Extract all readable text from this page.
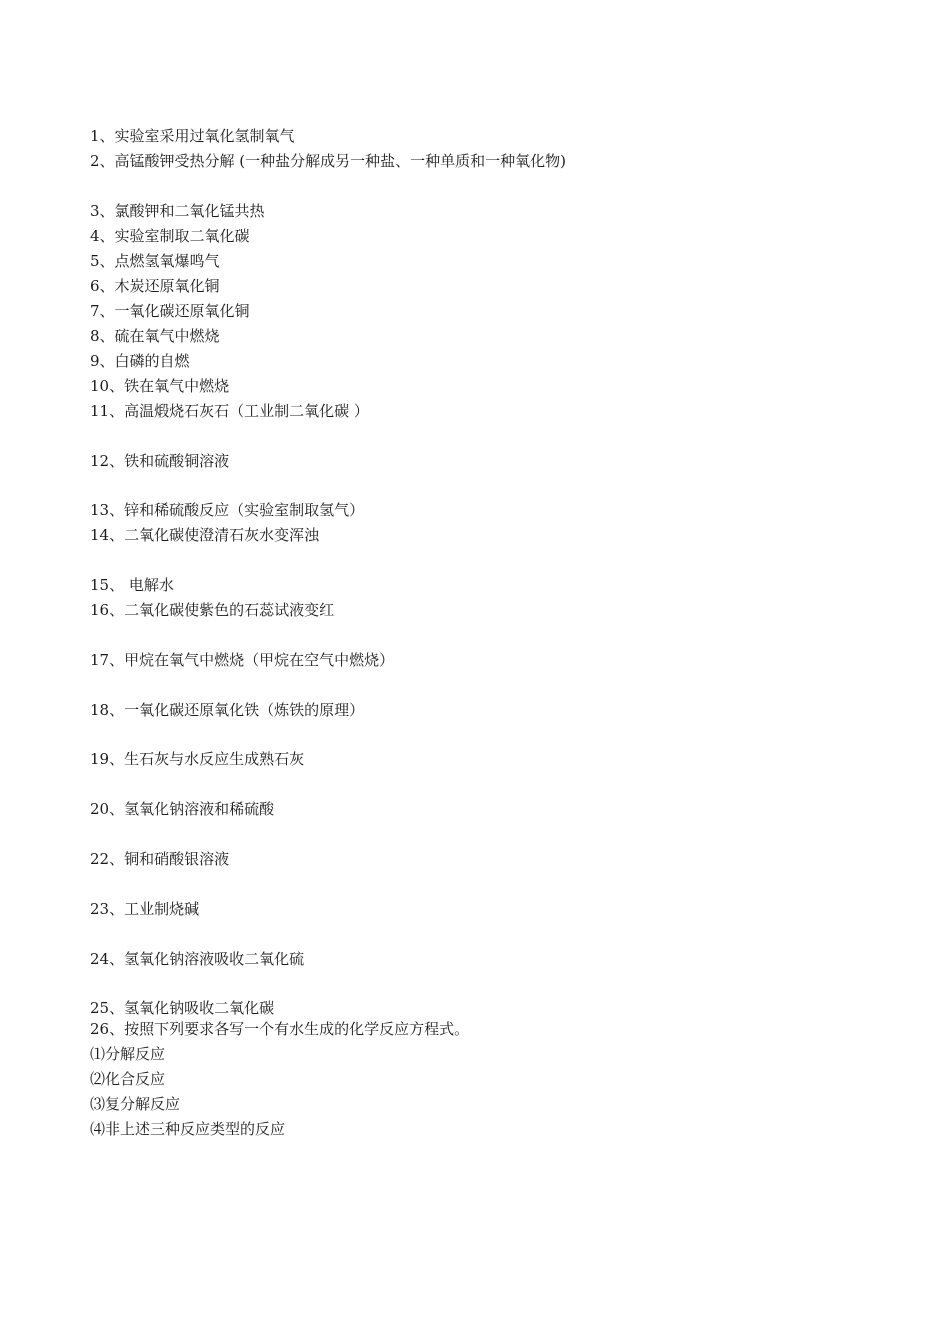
1、实验室采用过氧化氢制氧气
2、高锰酸钾受热分解 (一种盐分解成另一种盐、一种单质和一种氧化物)
3、氯酸钾和二氧化锰共热
4、实验室制取二氧化碳
5、点燃氢氧爆鸣气
6、木炭还原氧化铜
7、一氧化碳还原氧化铜
8、硫在氧气中燃烧
9、白磷的自燃
10、铁在氧气中燃烧
11、高温煅烧石灰石（工业制二氧化碳 ）
12、铁和硫酸铜溶液
13、锌和稀硫酸反应（实验室制取氢气）
14、二氧化碳使澄清石灰水变浑浊
15、 电解水
16、二氧化碳使紫色的石蕊试液变红
17、甲烷在氧气中燃烧（甲烷在空气中燃烧）
18、一氧化碳还原氧化铁（炼铁的原理）
19、生石灰与水反应生成熟石灰
20、氢氧化钠溶液和稀硫酸
22、铜和硝酸银溶液
23、工业制烧碱
24、氢氧化钠溶液吸收二氧化硫
25、氢氧化钠吸收二氧化碳
26、按照下列要求各写一个有水生成的化学反应方程式。
⑴分解反应
⑵化合反应
⑶复分解反应
⑷非上述三种反应类型的反应
